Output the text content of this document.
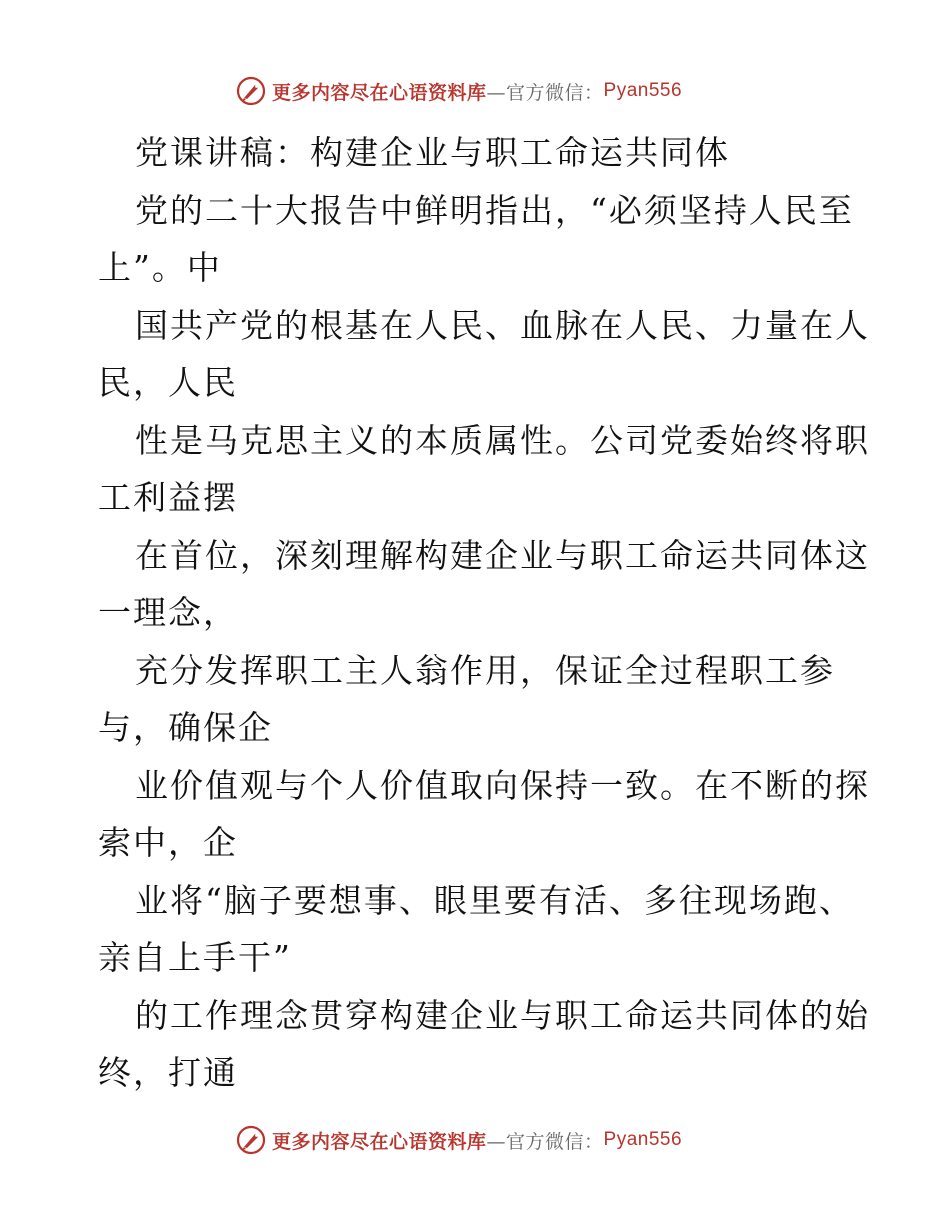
更多内容尽在心语资料库 —官方微信： Pyan556
党课讲稿：构建企业与职工命运共同体
党的二十大报告中鲜明指出，“必须坚持人民至
上”。中
国共产党的根基在人民、血脉在人民、力量在人
民，人民
性是马克思主义的本质属性。公司党委始终将职
工利益摆
在首位，深刻理解构建企业与职工命运共同体这
一理念，
充分发挥职工主人翁作用，保证全过程职工参
与，确保企
业价值观与个人价值取向保持一致。在不断的探
索中，企
业将“脑子要想事、眼里要有活、多往现场跑、
亲自上手干”
的工作理念贯穿构建企业与职工命运共同体的始
终，打通
更多内容尽在心语资料库 —官方微信： Pyan556
